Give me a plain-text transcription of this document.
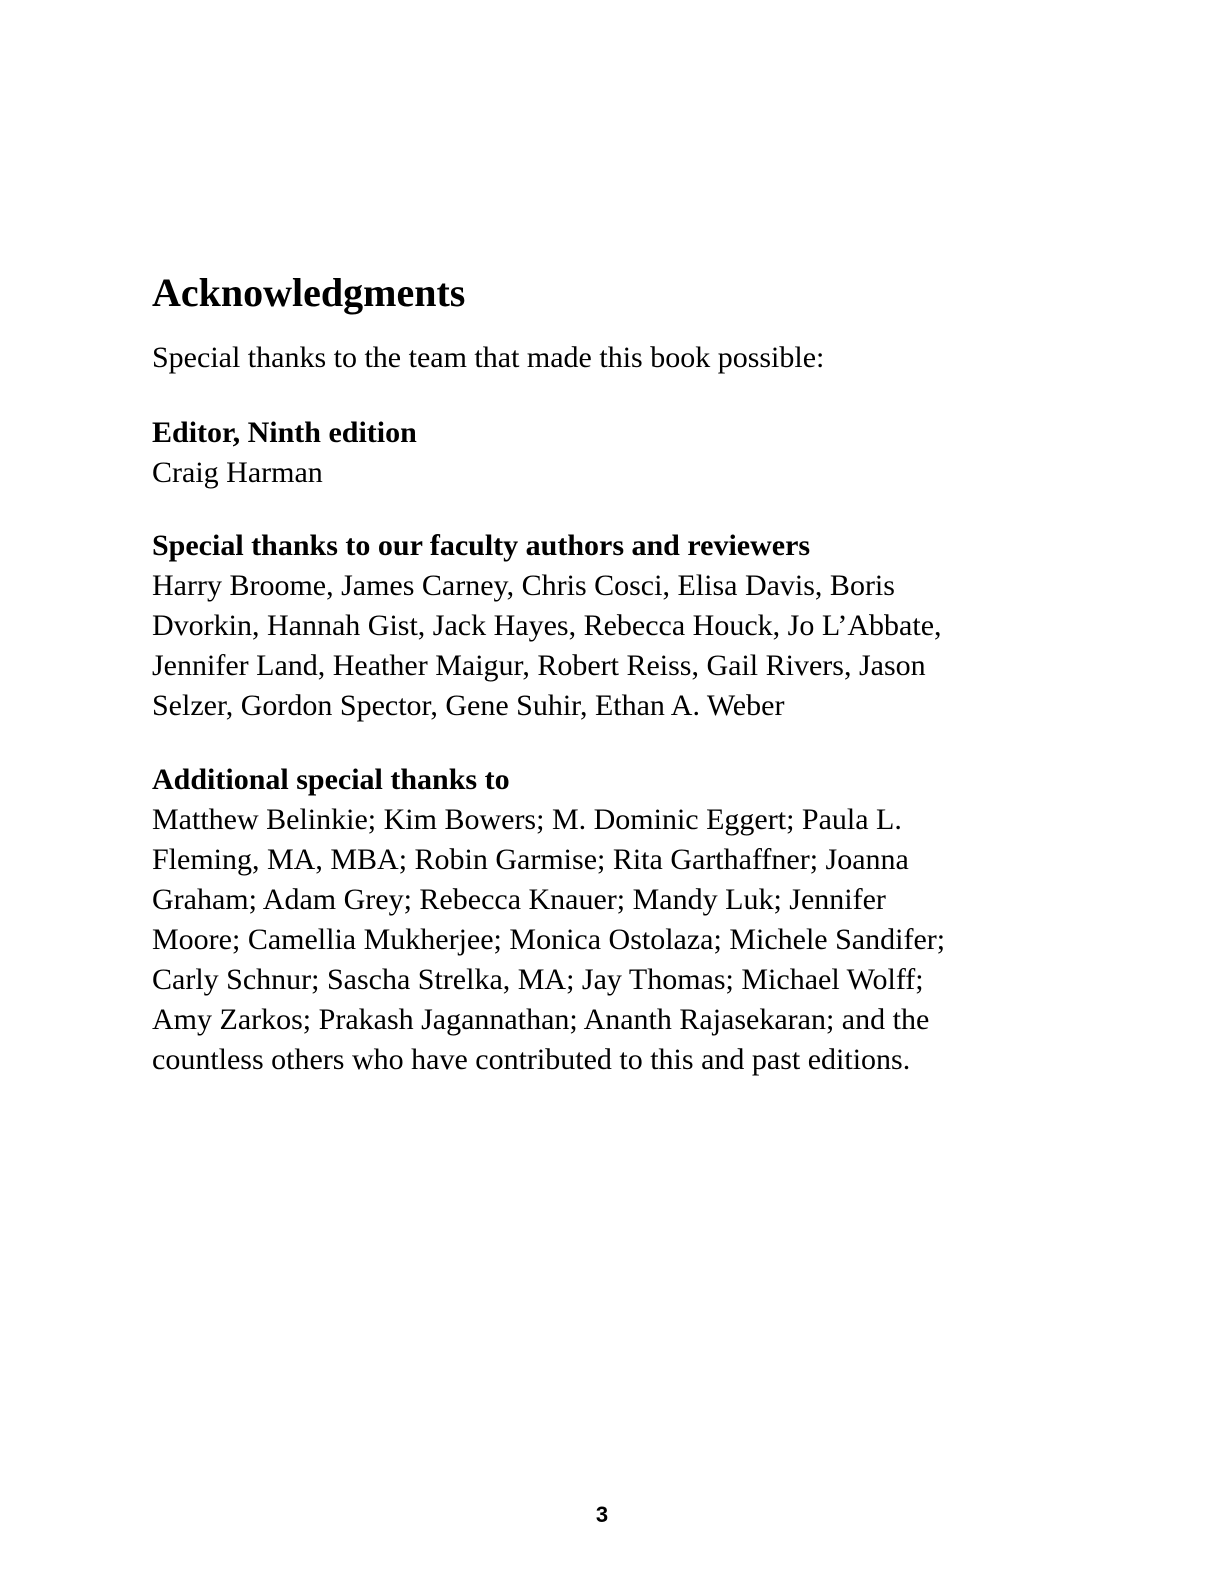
Acknowledgments
Special thanks to the team that made this book possible:
Editor, Ninth edition
Craig Harman
Special thanks to our faculty authors and reviewers
Harry Broome, James Carney, Chris Cosci, Elisa Davis, Boris
Dvorkin, Hannah Gist, Jack Hayes, Rebecca Houck, Jo L’Abbate,
Jennifer Land, Heather Maigur, Robert Reiss, Gail Rivers, Jason
Selzer, Gordon Spector, Gene Suhir, Ethan A. Weber
Additional special thanks to
Matthew Belinkie; Kim Bowers; M. Dominic Eggert; Paula L.
Fleming, MA, MBA; Robin Garmise; Rita Garthaffner; Joanna
Graham; Adam Grey; Rebecca Knauer; Mandy Luk; Jennifer
Moore; Camellia Mukherjee; Monica Ostolaza; Michele Sandifer;
Carly Schnur; Sascha Strelka, MA; Jay Thomas; Michael Wolff;
Amy Zarkos; Prakash Jagannathan; Ananth Rajasekaran; and the
countless others who have contributed to this and past editions.
3
